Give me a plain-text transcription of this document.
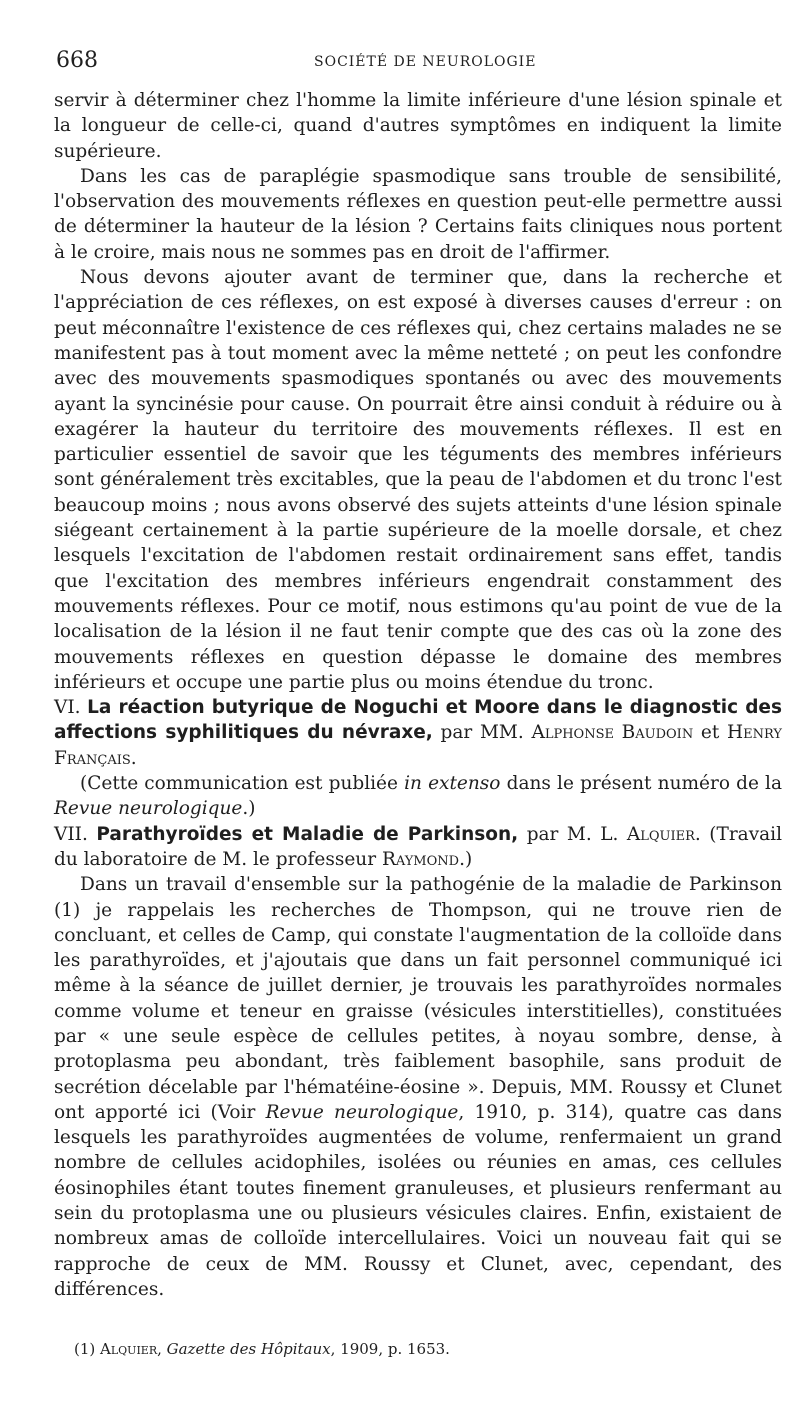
668	SOCIÉTÉ DE NEUROLOGIE

servir à déterminer chez l'homme la limite inférieure d'une lésion spinale et la longueur de celle-ci, quand d'autres symptômes en indiquent la limite supérieure.

Dans les cas de paraplégie spasmodique sans trouble de sensibilité, l'observation des mouvements réflexes en question peut-elle permettre aussi de déterminer la hauteur de la lésion ? Certains faits cliniques nous portent à le croire, mais nous ne sommes pas en droit de l'affirmer.

Nous devons ajouter avant de terminer que, dans la recherche et l'appréciation de ces réflexes, on est exposé à diverses causes d'erreur : on peut méconnaître l'existence de ces réflexes qui, chez certains malades ne se manifestent pas à tout moment avec la même netteté ; on peut les confondre avec des mouvements spasmodiques spontanés ou avec des mouvements ayant la syncinésie pour cause. On pourrait être ainsi conduit à réduire ou à exagérer la hauteur du territoire des mouvements réflexes. Il est en particulier essentiel de savoir que les téguments des membres inférieurs sont généralement très excitables, que la peau de l'abdomen et du tronc l'est beaucoup moins ; nous avons observé des sujets atteints d'une lésion spinale siégeant certainement à la partie supérieure de la moelle dorsale, et chez lesquels l'excitation de l'abdomen restait ordinairement sans effet, tandis que l'excitation des membres inférieurs engendrait constamment des mouvements réflexes. Pour ce motif, nous estimons qu'au point de vue de la localisation de la lésion il ne faut tenir compte que des cas où la zone des mouvements réflexes en question dépasse le domaine des membres inférieurs et occupe une partie plus ou moins étendue du tronc.

VI. La réaction butyrique de Noguchi et Moore dans le diagnostic des affections syphilitiques du névraxe, par MM. Alphonse Baudoin et Henry Français.

(Cette communication est publiée in extenso dans le présent numéro de la Revue neurologique.)

VII. Parathyroïdes et Maladie de Parkinson, par M. L. Alquier. (Travail du laboratoire de M. le professeur Raymond.)

Dans un travail d'ensemble sur la pathogénie de la maladie de Parkinson (1) je rappelais les recherches de Thompson, qui ne trouve rien de concluant, et celles de Camp, qui constate l'augmentation de la colloïde dans les parathyroïdes, et j'ajoutais que dans un fait personnel communiqué ici même à la séance de juillet dernier, je trouvais les parathyroïdes normales comme volume et teneur en graisse (vésicules interstitielles), constituées par « une seule espèce de cellules petites, à noyau sombre, dense, à protoplasma peu abondant, très faiblement basophile, sans produit de secrétion décelable par l'hématéine-éosine ». Depuis, MM. Roussy et Clunet ont apporté ici (Voir Revue neurologique, 1910, p. 314), quatre cas dans lesquels les parathyroïdes augmentées de volume, renfermaient un grand nombre de cellules acidophiles, isolées ou réunies en amas, ces cellules éosinophiles étant toutes finement granuleuses, et plusieurs renfermant au sein du protoplasma une ou plusieurs vésicules claires. Enfin, existaient de nombreux amas de colloïde intercellulaires. Voici un nouveau fait qui se rapproche de ceux de MM. Roussy et Clunet, avec, cependant, des différences.

(1) Alquier, Gazette des Hôpitaux, 1909, p. 1653.
